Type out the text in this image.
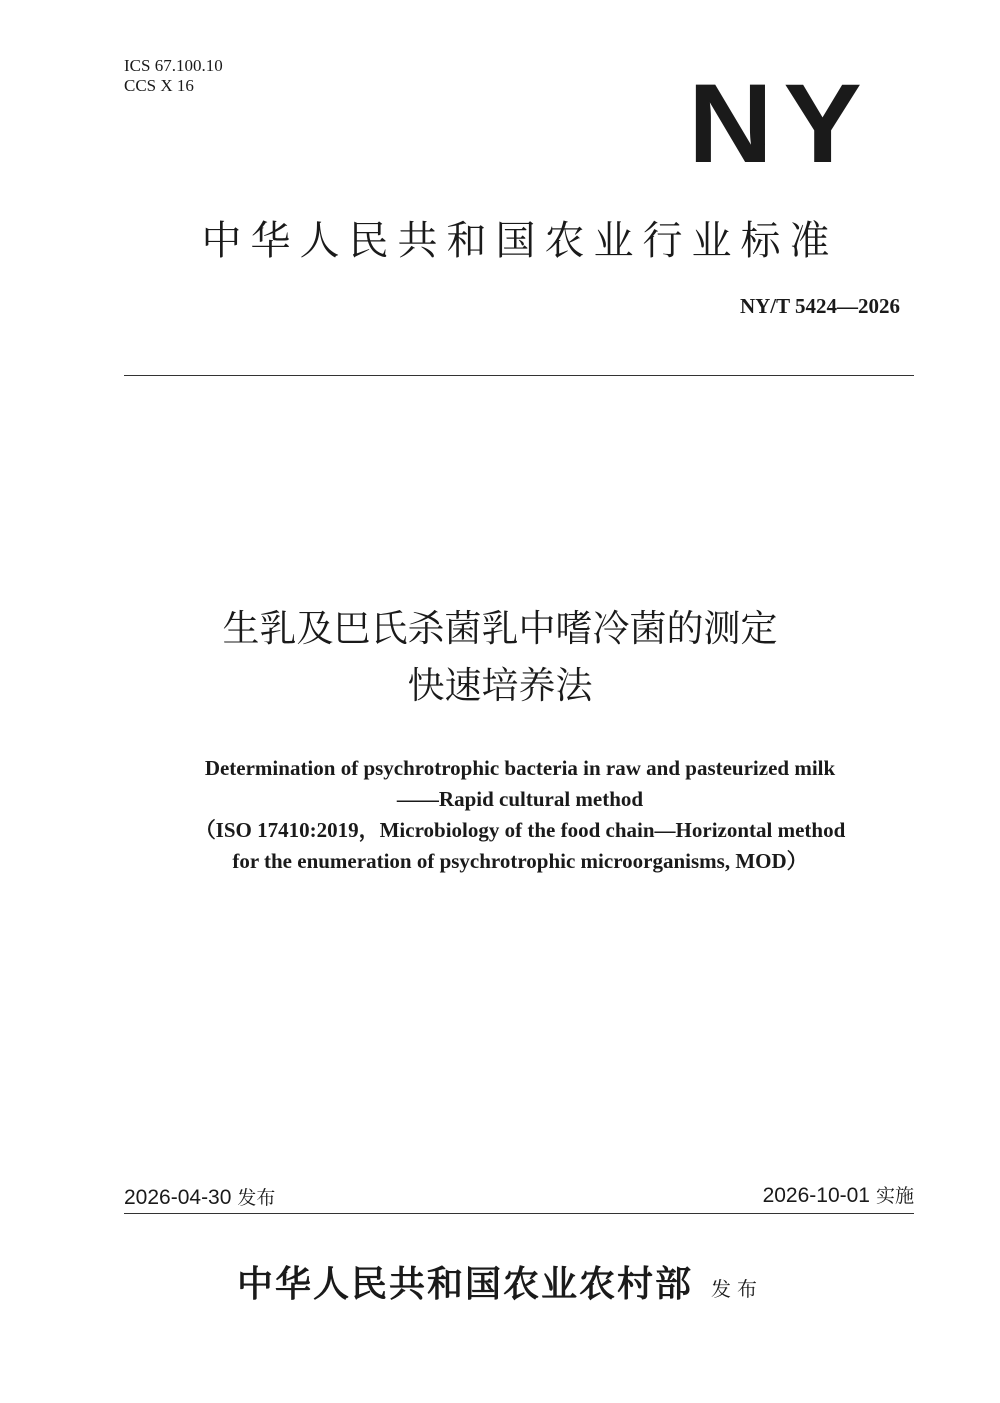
ICS 67.100.10
CCS X 16	NY
中华人民共和国农业行业标准
NY/T 5424—2026
生乳及巴氏杀菌乳中嗜冷菌的测定
快速培养法
Determination of psychrotrophic bacteria in raw and pasteurized milk
——Rapid cultural method
（ISO 17410:2019，Microbiology of the food chain—Horizontal method
for the enumeration of psychrotrophic microorganisms, MOD）
2026-04-30 发布	2026-10-01 实施
中华人民共和国农业农村部 发布
